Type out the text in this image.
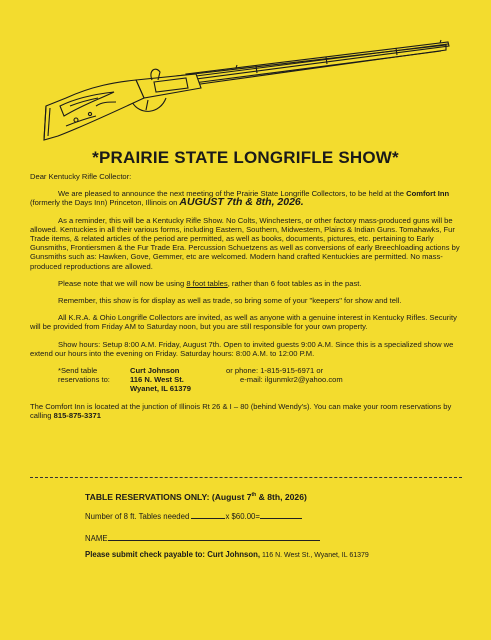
*PRAIRIE STATE LONGRIFLE SHOW*

Dear Kentucky Rifle Collector:

We are pleased to announce the next meeting of the Prairie State Longrifle Collectors, to be held at the Comfort Inn (formerly the Days Inn) Princeton, Illinois on AUGUST 7th & 8th, 2026.

As a reminder, this will be a Kentucky Rifle Show. No Colts, Winchesters, or other factory mass-produced guns will be allowed. Kentuckies in all their various forms, including Eastern, Southern, Midwestern, Plains & Indian Guns. Tomahawks, Fur Trade items, & related articles of the period are permitted, as well as books, documents, pictures, etc. pertaining to Early Gunsmiths, Frontiersmen & the Fur Trade Era. Percussion Schuetzens as well as conversions of early Breechloading actions by Gunsmiths such as: Hawken, Gove, Gemmer, etc are welcomed. Modern hand crafted Kentuckies are permitted. No mass-produced reproductions are allowed.

Please note that we will now be using 8 foot tables, rather than 6 foot tables as in the past.

Remember, this show is for display as well as trade, so bring some of your "keepers" for show and tell.

All K.R.A. & Ohio Longrifle Collectors are invited, as well as anyone with a genuine interest in Kentucky Rifles. Security will be provided from Friday AM to Saturday noon, but you are still responsible for your own property.

Show hours: Setup 8:00 A.M. Friday, August 7th. Open to invited guests 9:00 A.M. Since this is a specialized show we extend our hours into the evening on Friday. Saturday hours: 8:00 A.M. to 12:00 P.M.

*Send table reservations to:
Curt Johnson
116 N. West St.
Wyanet, IL 61379
or phone: 1-815-915-6971 or
e-mail: ilgunmkr2@yahoo.com

The Comfort Inn is located at the junction of Illinois Rt 26 & I – 80 (behind Wendy's). You can make your room reservations by calling 815-875-3371

TABLE RESERVATIONS ONLY: (August 7th & 8th, 2026)
Number of 8 ft. Tables needed	x $60.00=
NAME
Please submit check payable to: Curt Johnson, 116 N. West St., Wyanet, IL 61379
